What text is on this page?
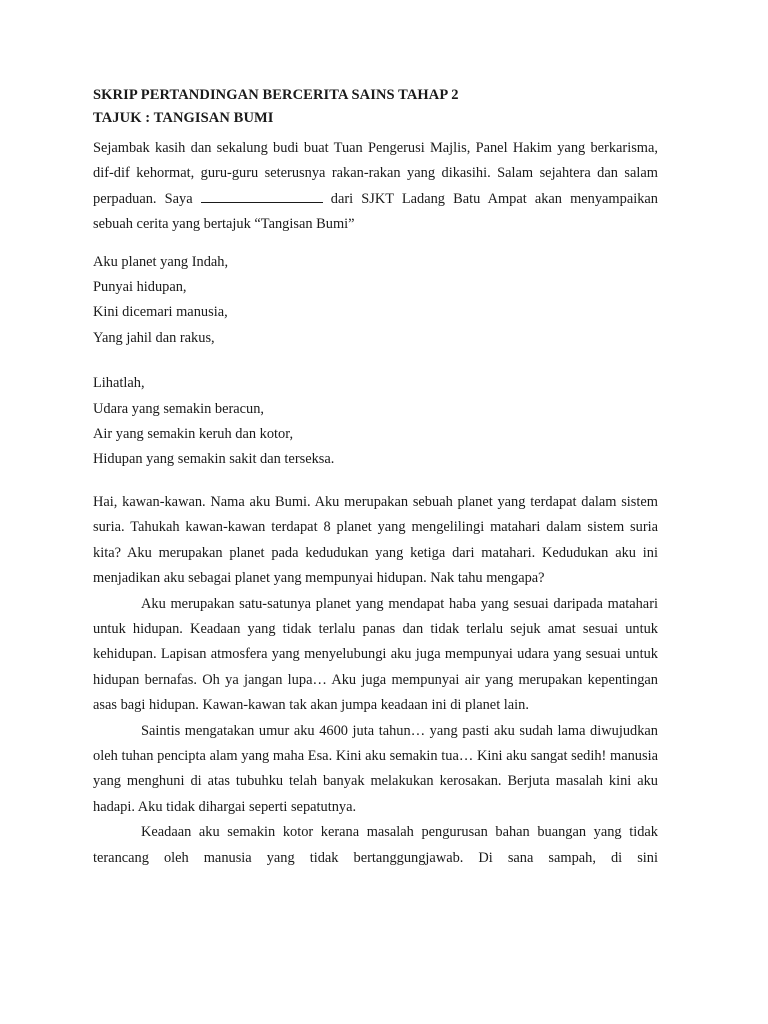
SKRIP PERTANDINGAN BERCERITA SAINS TAHAP 2
TAJUK : TANGISAN BUMI

Sejambak kasih dan sekalung budi buat Tuan Pengerusi Majlis, Panel Hakim yang berkarisma, dif-dif kehormat, guru-guru seterusnya rakan-rakan yang dikasihi. Salam sejahtera dan salam perpaduan. Saya	dari SJKT Ladang Batu Ampat akan menyampaikan sebuah cerita yang bertajuk “Tangisan Bumi”

Aku planet yang Indah,
Punyai hidupan,
Kini dicemari manusia,
Yang jahil dan rakus,

Lihatlah,
Udara yang semakin beracun,
Air yang semakin keruh dan kotor,
Hidupan yang semakin sakit dan terseksa.

Hai, kawan-kawan. Nama aku Bumi. Aku merupakan sebuah planet yang terdapat dalam sistem suria. Tahukah kawan-kawan terdapat 8 planet yang mengelilingi matahari dalam sistem suria kita? Aku merupakan planet pada kedudukan yang ketiga dari matahari. Kedudukan aku ini menjadikan aku sebagai planet yang mempunyai hidupan. Nak tahu mengapa?

Aku merupakan satu-satunya planet yang mendapat haba yang sesuai daripada matahari untuk hidupan. Keadaan yang tidak terlalu panas dan tidak terlalu sejuk amat sesuai untuk kehidupan. Lapisan atmosfera yang menyelubungi aku juga mempunyai udara yang sesuai untuk hidupan bernafas. Oh ya jangan lupa… Aku juga mempunyai air yang merupakan kepentingan asas bagi hidupan. Kawan-kawan tak akan jumpa keadaan ini di planet lain.

Saintis mengatakan umur aku 4600 juta tahun… yang pasti aku sudah lama diwujudkan oleh tuhan pencipta alam yang maha Esa. Kini aku semakin tua… Kini aku sangat sedih! manusia yang menghuni di atas tubuhku telah banyak melakukan kerosakan. Berjuta masalah kini aku hadapi. Aku tidak dihargai seperti sepatutnya.

Keadaan aku semakin kotor kerana masalah pengurusan bahan buangan yang tidak terancang oleh manusia yang tidak bertanggungjawab. Di sana sampah, di sini
